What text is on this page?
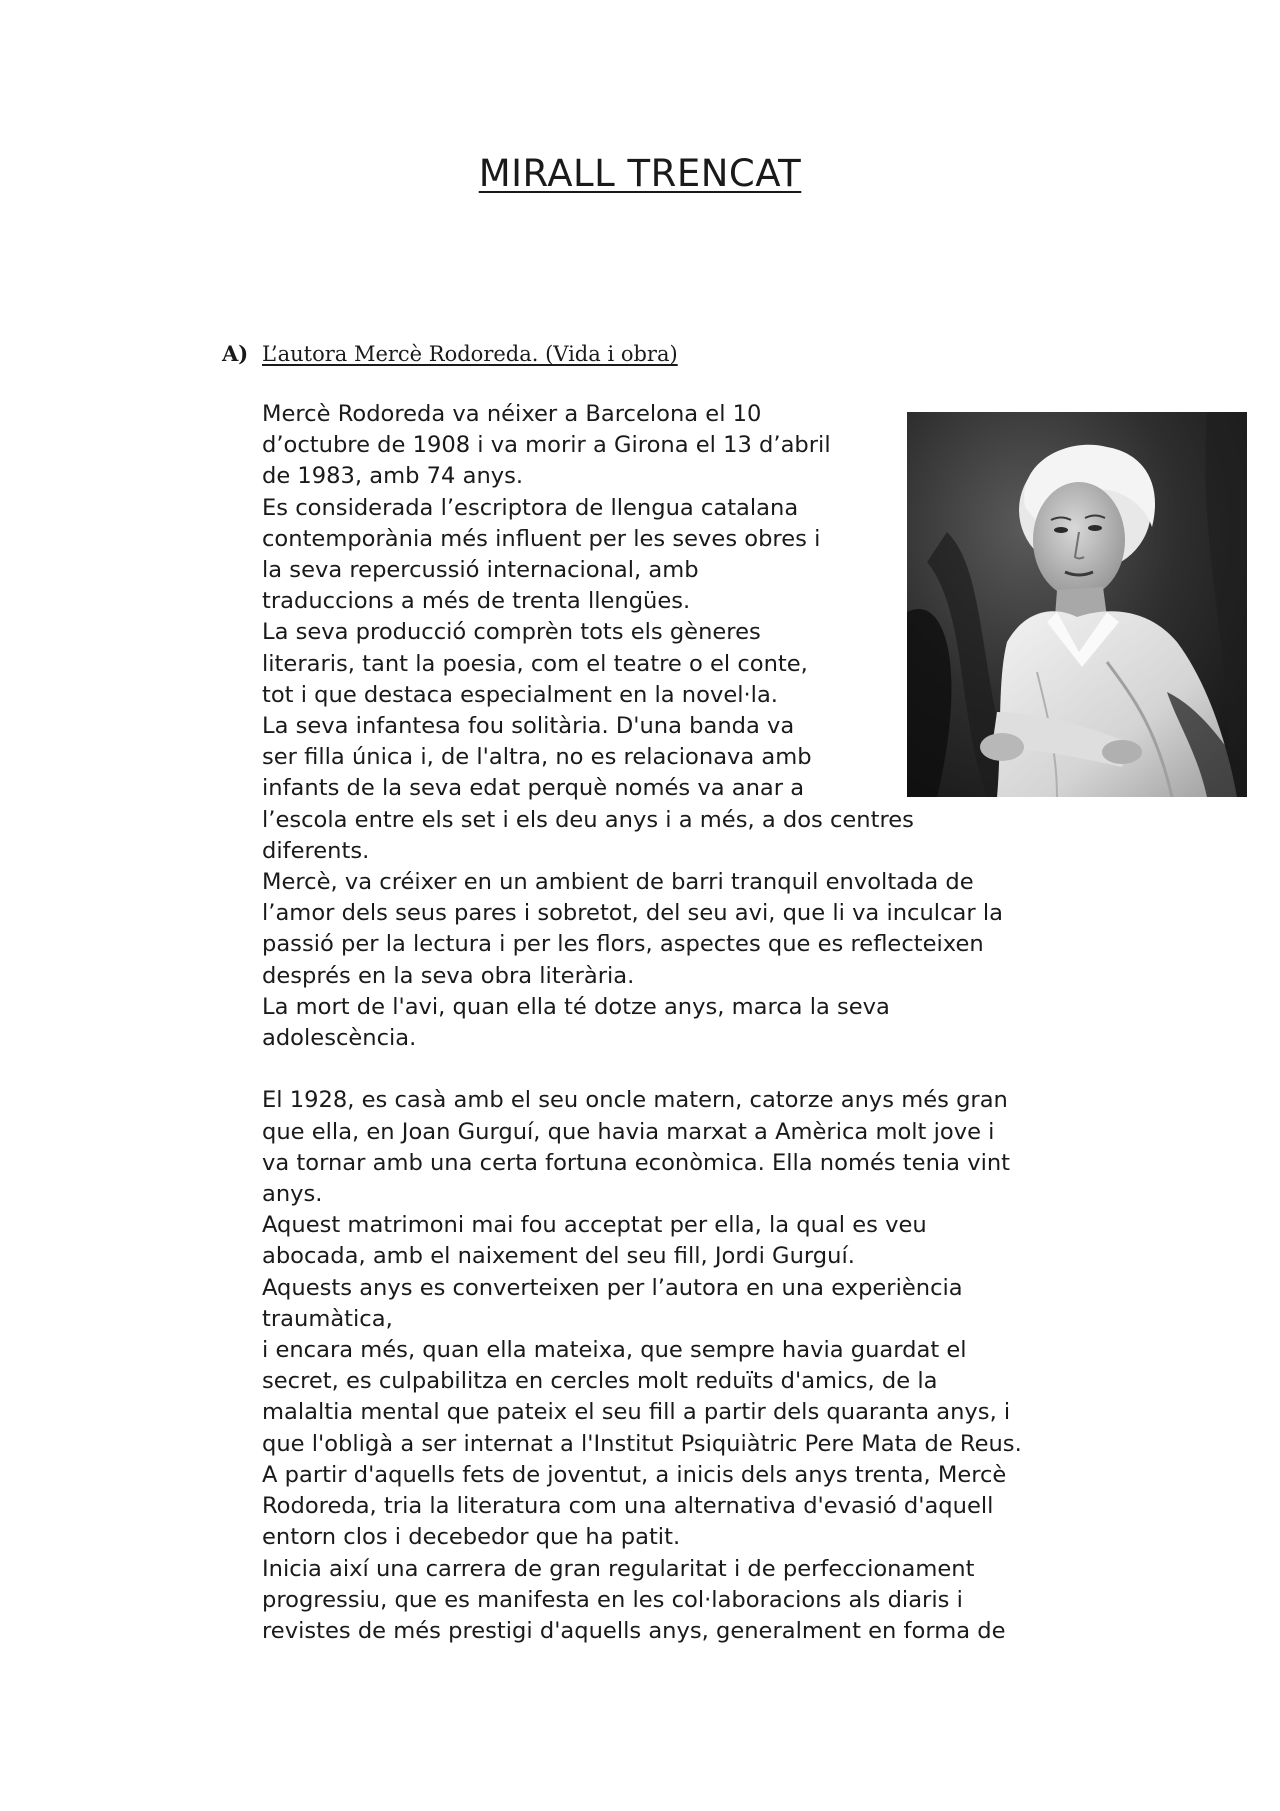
MIRALL TRENCAT
A) L’autora Mercè Rodoreda. (Vida i obra)
Mercè Rodoreda va néixer a Barcelona el 10
d’octubre de 1908 i va morir a Girona el 13 d’abril
de 1983, amb 74 anys.
Es considerada l’escriptora de llengua catalana
contemporània més influent per les seves obres i
la seva repercussió internacional, amb
traduccions a més de trenta llengües.
La seva producció comprèn tots els gèneres
literaris, tant la poesia, com el teatre o el conte,
tot i que destaca especialment en la novel·la.
La seva infantesa fou solitària. D'una banda va
ser filla única i, de l'altra, no es relacionava amb
infants de la seva edat perquè només va anar a
l’escola entre els set i els deu anys i a més, a dos centres
diferents.
Mercè, va créixer en un ambient de barri tranquil envoltada de
l’amor dels seus pares i sobretot, del seu avi, que li va inculcar la
passió per la lectura i per les flors, aspectes que es reflecteixen
després en la seva obra literària.
La mort de l'avi, quan ella té dotze anys, marca la seva
adolescència.
El 1928, es casà amb el seu oncle matern, catorze anys més gran
que ella, en Joan Gurguí, que havia marxat a Amèrica molt jove i
va tornar amb una certa fortuna econòmica. Ella només tenia vint
anys.
Aquest matrimoni mai fou acceptat per ella, la qual es veu
abocada, amb el naixement del seu fill, Jordi Gurguí.
Aquests anys es converteixen per l’autora en una experiència
traumàtica,
i encara més, quan ella mateixa, que sempre havia guardat el
secret, es culpabilitza en cercles molt reduïts d'amics, de la
malaltia mental que pateix el seu fill a partir dels quaranta anys, i
que l'obligà a ser internat a l'Institut Psiquiàtric Pere Mata de Reus.
A partir d'aquells fets de joventut, a inicis dels anys trenta, Mercè
Rodoreda, tria la literatura com una alternativa d'evasió d'aquell
entorn clos i decebedor que ha patit.
Inicia així una carrera de gran regularitat i de perfeccionament
progressiu, que es manifesta en les col·laboracions als diaris i
revistes de més prestigi d'aquells anys, generalment en forma de
